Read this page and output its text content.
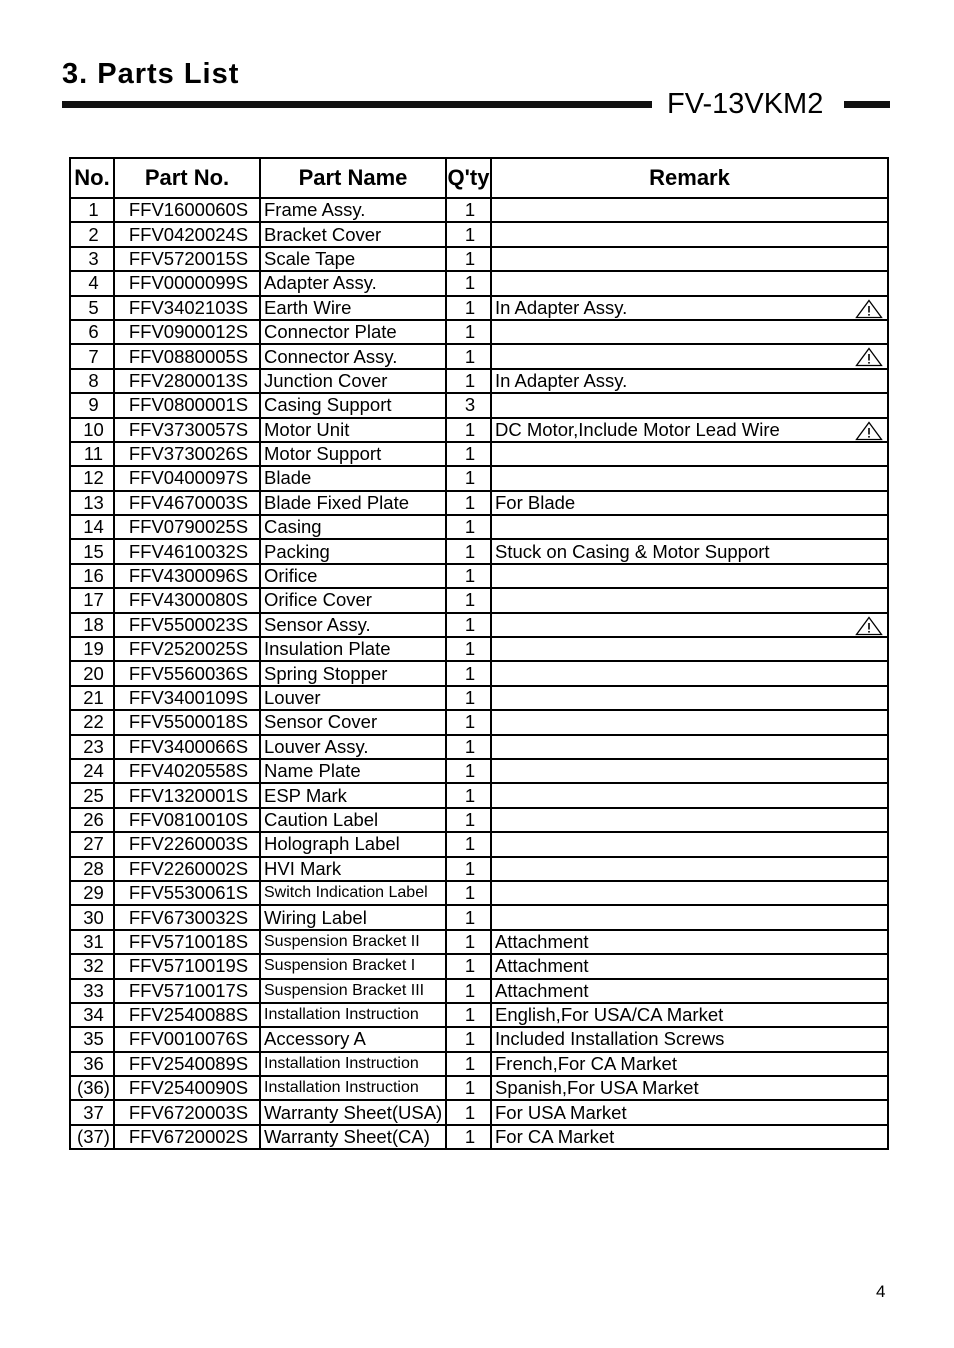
3. Parts List
FV-13VKM2
No.	Part No.	Part Name	Q'ty	Remark
1	FFV1600060S	Frame Assy.	1	
2	FFV0420024S	Bracket Cover	1	
3	FFV5720015S	Scale Tape	1	
4	FFV0000099S	Adapter Assy.	1	
5	FFV3402103S	Earth Wire	1	In Adapter Assy.

6	FFV0900012S	Connector Plate	1	
7	FFV0880005S	Connector Assy.	1	

8	FFV2800013S	Junction Cover	1	In Adapter Assy.
9	FFV0800001S	Casing Support	3	
10	FFV3730057S	Motor Unit	1	DC Motor,Include Motor Lead Wire

11	FFV3730026S	Motor Support	1	
12	FFV0400097S	Blade	1	
13	FFV4670003S	Blade Fixed Plate	1	For Blade
14	FFV0790025S	Casing	1	
15	FFV4610032S	Packing	1	Stuck on Casing & Motor Support
16	FFV4300096S	Orifice	1	
17	FFV4300080S	Orifice Cover	1	
18	FFV5500023S	Sensor Assy.	1	

19	FFV2520025S	Insulation Plate	1	
20	FFV5560036S	Spring Stopper	1	
21	FFV3400109S	Louver	1	
22	FFV5500018S	Sensor Cover	1	
23	FFV3400066S	Louver Assy.	1	
24	FFV4020558S	Name Plate	1	
25	FFV1320001S	ESP Mark	1	
26	FFV0810010S	Caution Label	1	
27	FFV2260003S	Holograph Label	1	
28	FFV2260002S	HVI Mark	1	
29	FFV5530061S	Switch Indication Label	1	
30	FFV6730032S	Wiring Label	1	
31	FFV5710018S	Suspension Bracket II	1	Attachment
32	FFV5710019S	Suspension Bracket I	1	Attachment
33	FFV5710017S	Suspension Bracket III	1	Attachment
34	FFV2540088S	Installation Instruction	1	English,For USA/CA Market
35	FFV0010076S	Accessory A	1	Included Installation Screws
36	FFV2540089S	Installation Instruction	1	French,For CA Market
(36)	FFV2540090S	Installation Instruction	1	Spanish,For USA Market
37	FFV6720003S	Warranty Sheet(USA)	1	For USA Market
(37)	FFV6720002S	Warranty Sheet(CA)	1	For CA Market
4
